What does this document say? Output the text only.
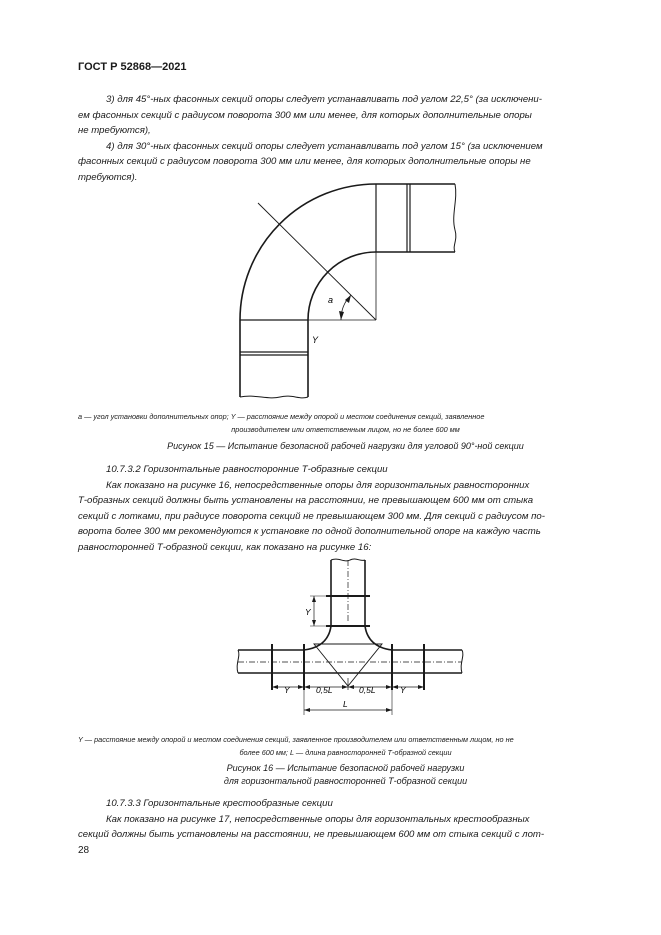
ГОСТ Р 52868—2021

3) для 45°-ных фасонных секций опоры следует устанавливать под углом 22,5° (за исключени-

ем фасонных секций с радиусом поворота 300 мм или менее, для которых дополнительные опоры

не требуются),

4) для 30°-ных фасонных секций опоры следует устанавливать под углом 15° (за исключением

фасонных секций с радиусом поворота 300 мм или менее, для которых дополнительные опоры не

требуются).

a
Y
a — угол установки дополнительных опор; Y — расстояние между опорой и местом соединения секций, заявленное
производителем или ответственным лицом, но не более 600 мм
Рисунок 15 — Испытание безопасной рабочей нагрузки для угловой 90°-ной секции

10.7.3.2 Горизонтальные равносторонние Т-образные секции

Как показано на рисунке 16, непосредственные опоры для горизонтальных равносторонних

Т-образных секций должны быть установлены на расстоянии, не превышающем 600 мм от стыка

секций с лотками, при радиусе поворота секций не превышающем 300 мм. Для секций с радиусом по-

ворота более 300 мм рекомендуются к установке по одной дополнительной опоре на каждую часть

равносторонней Т-образной секции, как показано на рисунке 16:

Y
Y	0,5L	0,5L	Y
L
Y — расстояние между опорой и местом соединения секций, заявленное производителем или ответственным лицом, но не
более 600 мм; L — длина равносторонней Т-образной секции
Рисунок 16 — Испытание безопасной рабочей нагрузки
для горизонтальной равносторонней Т-образной секции

10.7.3.3 Горизонтальные крестообразные секции

Как показано на рисунке 17, непосредственные опоры для горизонтальных крестообразных

секций должны быть установлены на расстоянии, не превышающем 600 мм от стыка секций с лот-

28
